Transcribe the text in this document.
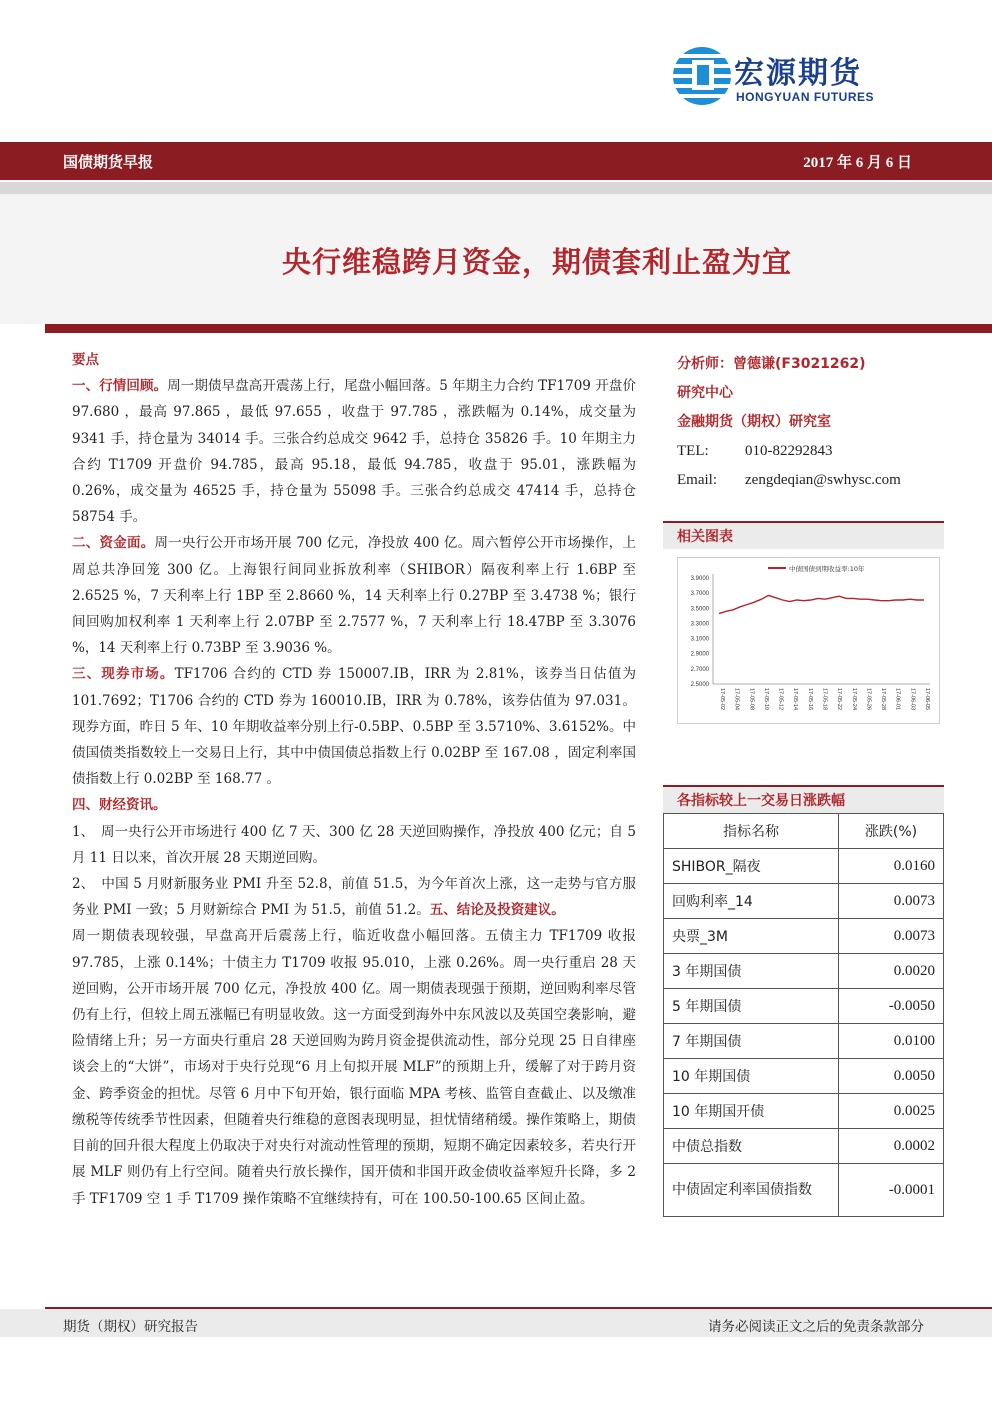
宏源期货
HONGYUAN FUTURES
国债期货早报	2017 年 6 月 6 日
央行维稳跨月资金，期债套利止盈为宜

要点

一、行情回顾。周一期债早盘高开震荡上行，尾盘小幅回落。5 年期主力合约 TF1709 开盘价 97.680 ，最高 97.865 ，最低 97.655 ，收盘于 97.785 ，涨跌幅为 0.14%，成交量为 9341 手，持仓量为 34014 手。三张合约总成交 9642 手，总持仓 35826 手。10 年期主力合约 T1709 开盘价 94.785，最高 95.18，最低 94.785，收盘于 95.01，涨跌幅为 0.26%，成交量为 46525 手，持仓量为 55098 手。三张合约总成交 47414 手，总持仓 58754 手。

二、资金面。周一央行公开市场开展 700 亿元，净投放 400 亿。周六暂停公开市场操作，上周总共净回笼 300 亿。上海银行间同业拆放利率（SHIBOR）隔夜利率上行 1.6BP 至 2.6525 %，7 天利率上行 1BP 至 2.8660 %，14 天利率上行 0.27BP 至 3.4738 %；银行间回购加权利率 1 天利率上行 2.07BP 至 2.7577 %，7 天利率上行 18.47BP 至 3.3076 %，14 天利率上行 0.73BP 至 3.9036 %。

三、现券市场。TF1706 合约的 CTD 券 150007.IB，IRR 为 2.81%，该券当日估值为 101.7692；T1706 合约的 CTD 券为 160010.IB，IRR 为 0.78%，该券估值为 97.031。现券方面，昨日 5 年、10 年期收益率分别上行-0.5BP、0.5BP 至 3.5710%、3.6152%。中债国债类指数较上一交易日上行，其中中债国债总指数上行 0.02BP 至 167.08 ，固定利率国债指数上行 0.02BP 至 168.77 。

四、财经资讯。

1、　周一央行公开市场进行 400 亿 7 天、300 亿 28 天逆回购操作，净投放 400 亿元；自 5 月 11 日以来，首次开展 28 天期逆回购。

2、　中国 5 月财新服务业 PMI 升至 52.8，前值 51.5，为今年首次上涨，这一走势与官方服务业 PMI 一致；5 月财新综合 PMI 为 51.5，前值 51.2。五、结论及投资建议。

周一期债表现较强，早盘高开后震荡上行，临近收盘小幅回落。五债主力 TF1709 收报 97.785，上涨 0.14%；十债主力 T1709 收报 95.010，上涨 0.26%。周一央行重启 28 天逆回购，公开市场开展 700 亿元，净投放 400 亿。周一期债表现强于预期，逆回购利率尽管仍有上行，但较上周五涨幅已有明显收敛。这一方面受到海外中东风波以及英国空袭影响，避险情绪上升；另一方面央行重启 28 天逆回购为跨月资金提供流动性，部分兑现 25 日自律座谈会上的“大饼”，市场对于央行兑现“6 月上旬拟开展 MLF”的预期上升，缓解了对于跨月资金、跨季资金的担忧。尽管 6 月中下旬开始，银行面临 MPA 考核、监管自查截止、以及缴准缴税等传统季节性因素，但随着央行维稳的意图表现明显，担忧情绪稍缓。操作策略上，期债目前的回升很大程度上仍取决于对央行对流动性管理的预期，短期不确定因素较多，若央行开展 MLF 则仍有上行空间。随着央行放长操作，国开债和非国开政金债收益率短升长降，多 2 手 TF1709 空 1 手 T1709 操作策略不宜继续持有，可在 100.50-100.65 区间止盈。

分析师：曾德谦(F3021262)
研究中心
金融期货（期权）研究室
TEL: 010-82292843
Email: zengdeqian@swhysc.com
相关图表
中债国债到期收益率:10年
3.9000
3.7000
3.5000
3.3000
3.1000
2.9000
2.7000
2.5000
17-05-02 17-05-04 17-05-08 17-05-10 17-05-12 17-05-14 17-05-16 17-05-18 17-05-22 17-05-24 17-05-26 17-05-28 17-06-01 17-06-03 17-06-05
各指标较上一交易日涨跌幅
指标名称	涨跌(%)
SHIBOR_隔夜	0.0160
回购利率_14	0.0073
央票_3M	0.0073
3 年期国债	0.0020
5 年期国债	-0.0050
7 年期国债	0.0100
10 年期国债	0.0050
10 年期国开债	0.0025
中债总指数	0.0002
中债固定利率国债指数	-0.0001
期货（期权）研究报告	请务必阅读正文之后的免责条款部分
